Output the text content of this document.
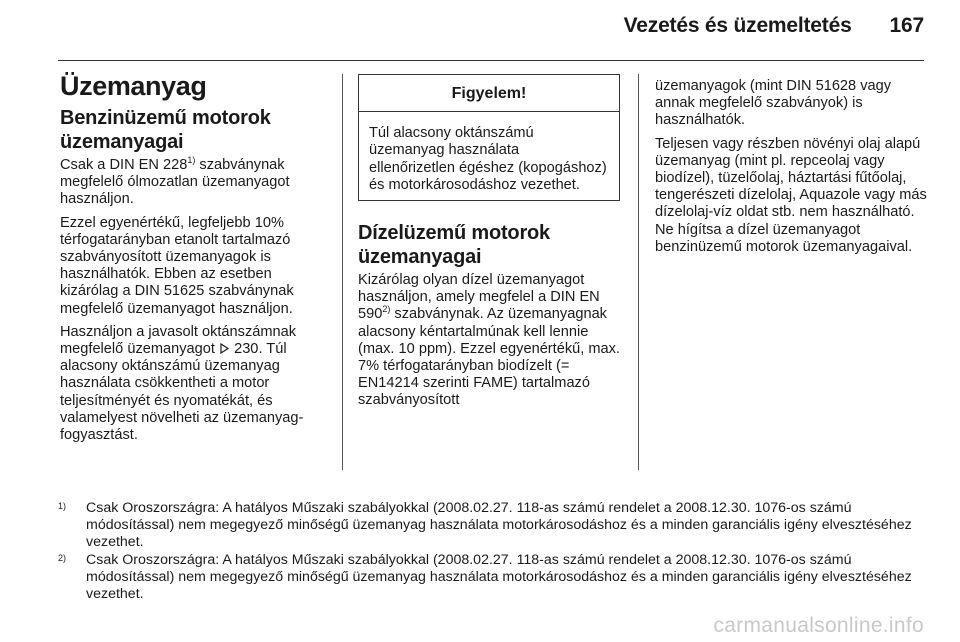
Vezetés és üzemeltetés 167
Üzemanyag
Benzinüzemű motorok üzemanyagai

Csak a DIN EN 228$^{1)}$ szabványnak megfelelő ólmozatlan üzemanyagot használjon.

Ezzel egyenértékű, legfeljebb 10% térfogatarányban etanolt tartalmazó szabványosított üzemanyagok is használhatók. Ebben az esetben kizárólag a DIN 51625 szabványnak megfelelő üzemanyagot használjon.

Használjon a javasolt oktánszámnak megfelelő üzemanyagot  230. Túl alacsony oktánszámú üzemanyag használata csökkentheti a motor teljesítményét és nyomatékát, és valamelyest növelheti az üzemanyag-fogyasztást.

Figyelem!
Túl alacsony oktánszámú üzemanyag használata ellenőrizetlen égéshez (kopogáshoz) és motorkárosodáshoz vezethet.
Dízelüzemű motorok üzemanyagai

Kizárólag olyan dízel üzemanyagot használjon, amely megfelel a DIN EN 590$^{2)}$ szabványnak. Az üzemanyagnak alacsony kéntartalmúnak kell lennie (max. 10 ppm). Ezzel egyenértékű, max. 7% térfogatarányban biodízelt (= EN14214 szerinti FAME) tartalmazó szabványosított

üzemanyagok (mint DIN 51628 vagy annak megfelelő szabványok) is használhatók.

Teljesen vagy részben növényi olaj alapú üzemanyag (mint pl. repceolaj vagy biodízel), tüzelőolaj, háztartási fűtőolaj, tengerészeti dízelolaj, Aquazole vagy más dízelolaj-víz oldat stb. nem használható. Ne hígítsa a dízel üzemanyagot benzinüzemű motorok üzemanyagaival.

1)	Csak Oroszországra: A hatályos Műszaki szabályokkal (2008.02.27. 118-as számú rendelet a 2008.12.30. 1076-os számú módosítással) nem megegyező minőségű üzemanyag használata motorkárosodáshoz és a minden garanciális igény elvesztéséhez vezethet.
2)	Csak Oroszországra: A hatályos Műszaki szabályokkal (2008.02.27. 118-as számú rendelet a 2008.12.30. 1076-os számú módosítással) nem megegyező minőségű üzemanyag használata motorkárosodáshoz és a minden garanciális igény elvesztéséhez vezethet.
carmanualsonline.info
